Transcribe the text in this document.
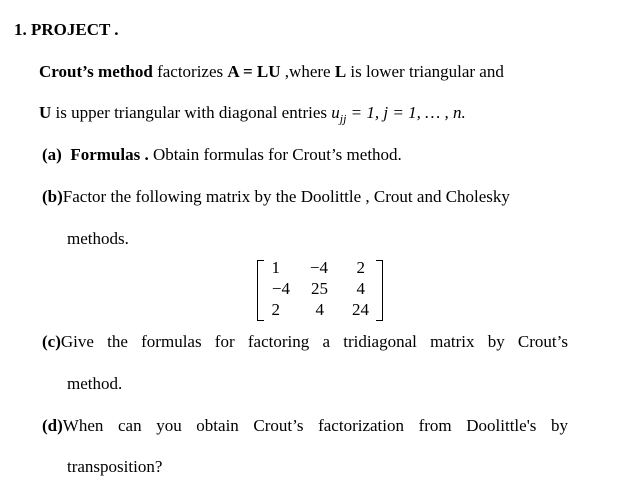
1. PROJECT .
Crout’s method factorizes A = LU ,where L is lower triangular and
U is upper triangular with diagonal entries $u_{jj} = 1$, j = 1, … , n.
(a) Formulas . Obtain formulas for Crout’s method.
(b)Factor the following matrix by the Doolittle , Crout and Cholesky
methods.
1	−4	2
−4	25	4
2	4	24
(c)Give the formulas for factoring a tridiagonal matrix by Crout’s
method.
(d)When can you obtain Crout’s factorization from Doolittle's by
transposition?
